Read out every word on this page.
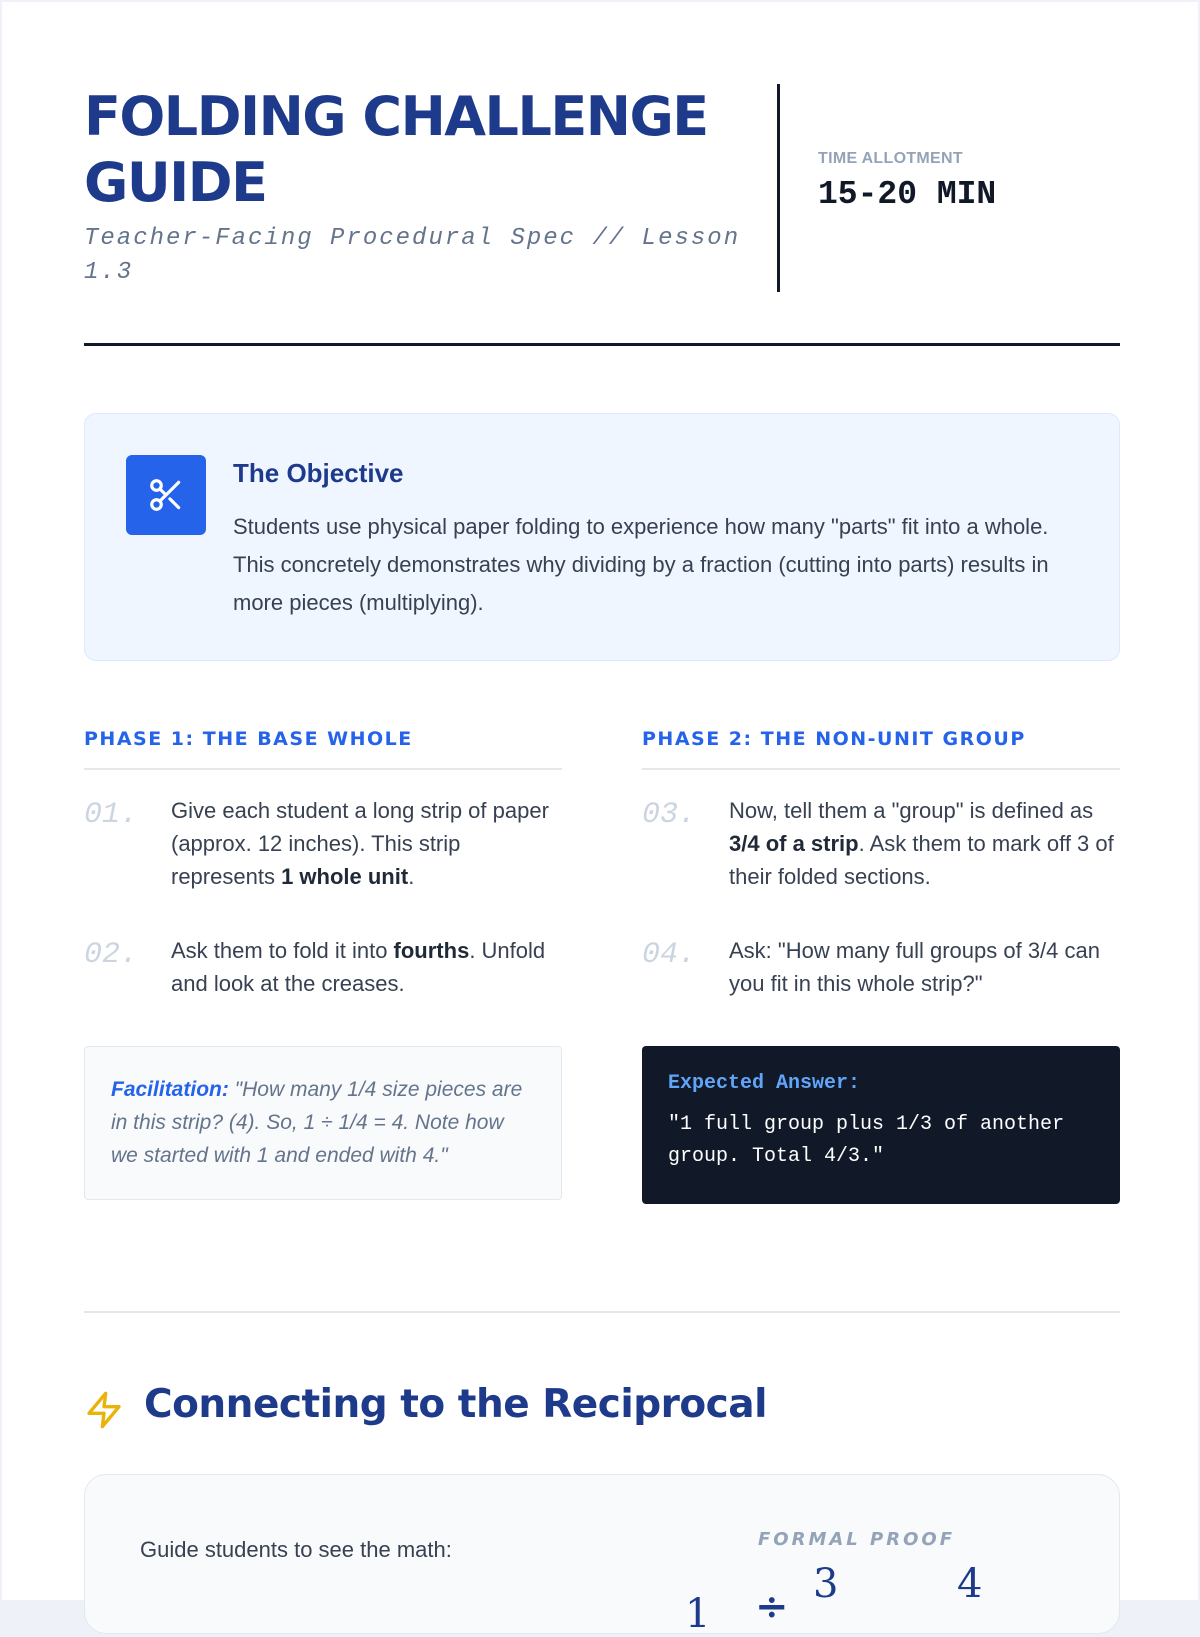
FOLDING CHALLENGE GUIDE
Teacher-Facing Procedural Spec // Lesson 1.3
TIME ALLOTMENT
15-20 MIN
The Objective

Students use physical paper folding to experience how many "parts" fit into a whole. This concretely demonstrates why dividing by a fraction (cutting into parts) results in more pieces (multiplying).

PHASE 1: THE BASE WHOLE
01. Give each student a long strip of paper (approx. 12 inches). This strip represents 1 whole unit.

02. Ask them to fold it into fourths. Unfold and look at the creases.

Facilitation: "How many 1/4 size pieces are in this strip? (4). So, 1 ÷ 1/4 = 4. Note how we started with 1 and ended with 4."
PHASE 2: THE NON-UNIT GROUP
03. Now, tell them a "group" is defined as 3/4 of a strip. Ask them to mark off 3 of their folded sections.

04. Ask: "How many full groups of 3/4 can you fit in this whole strip?"

Expected Answer:
"1 full group plus 1/3 of another group. Total 4/3."
Connecting to the Reciprocal

Guide students to see the math:	FORMAL PROOF
1 ÷ 3	4
